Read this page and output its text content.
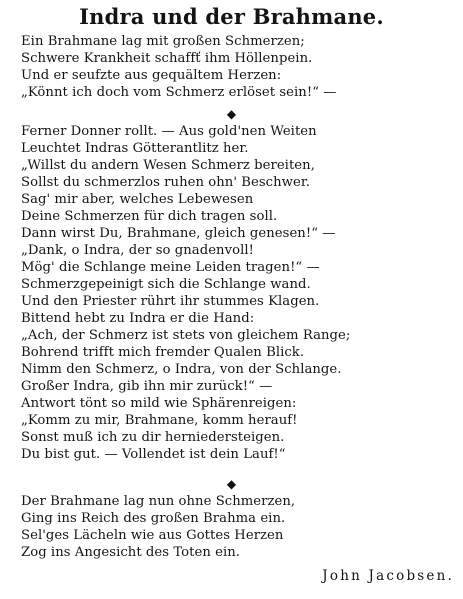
Indra und der Brahmane.
Ein Brahmane lag mit großen Schmerzen;
Schwere Krankheit schaffť ihm Höllenpein.
Und er seufzte aus gequältem Herzen:
„Könnt ich doch vom Schmerz erlöset sein!“ —
◆
Ferner Donner rollt. — Aus gold'nen Weiten
Leuchtet Indras Götterantlitz her.
„Willst du andern Wesen Schmerz bereiten,
Sollst du schmerzlos ruhen ohn' Beschwer.
Sag' mir aber, welches Lebewesen
Deine Schmerzen für dich tragen soll.
Dann wirst Du, Brahmane, gleich genesen!“ —
„Dank, o Indra, der so gnadenvoll!
Mög' die Schlange meine Leiden tragen!“ —
Schmerzgepeinigt sich die Schlange wand.
Und den Priester rührt ihr stummes Klagen.
Bittend hebt zu Indra er die Hand:
„Ach, der Schmerz ist stets von gleichem Range;
Bohrend trifft mich fremder Qualen Blick.
Nimm den Schmerz, o Indra, von der Schlange.
Großer Indra, gib ihn mir zurück!“ —
Antwort tönt so mild wie Sphärenreigen:
„Komm zu mir, Brahmane, komm herauf!
Sonst muß ich zu dir herniedersteigen.
Du bist gut. — Vollendet ist dein Lauf!“
◆
Der Brahmane lag nun ohne Schmerzen,
Ging ins Reich des großen Brahma ein.
Sel'ges Lächeln wie aus Gottes Herzen
Zog ins Angesicht des Toten ein.
John Jacobsen.
